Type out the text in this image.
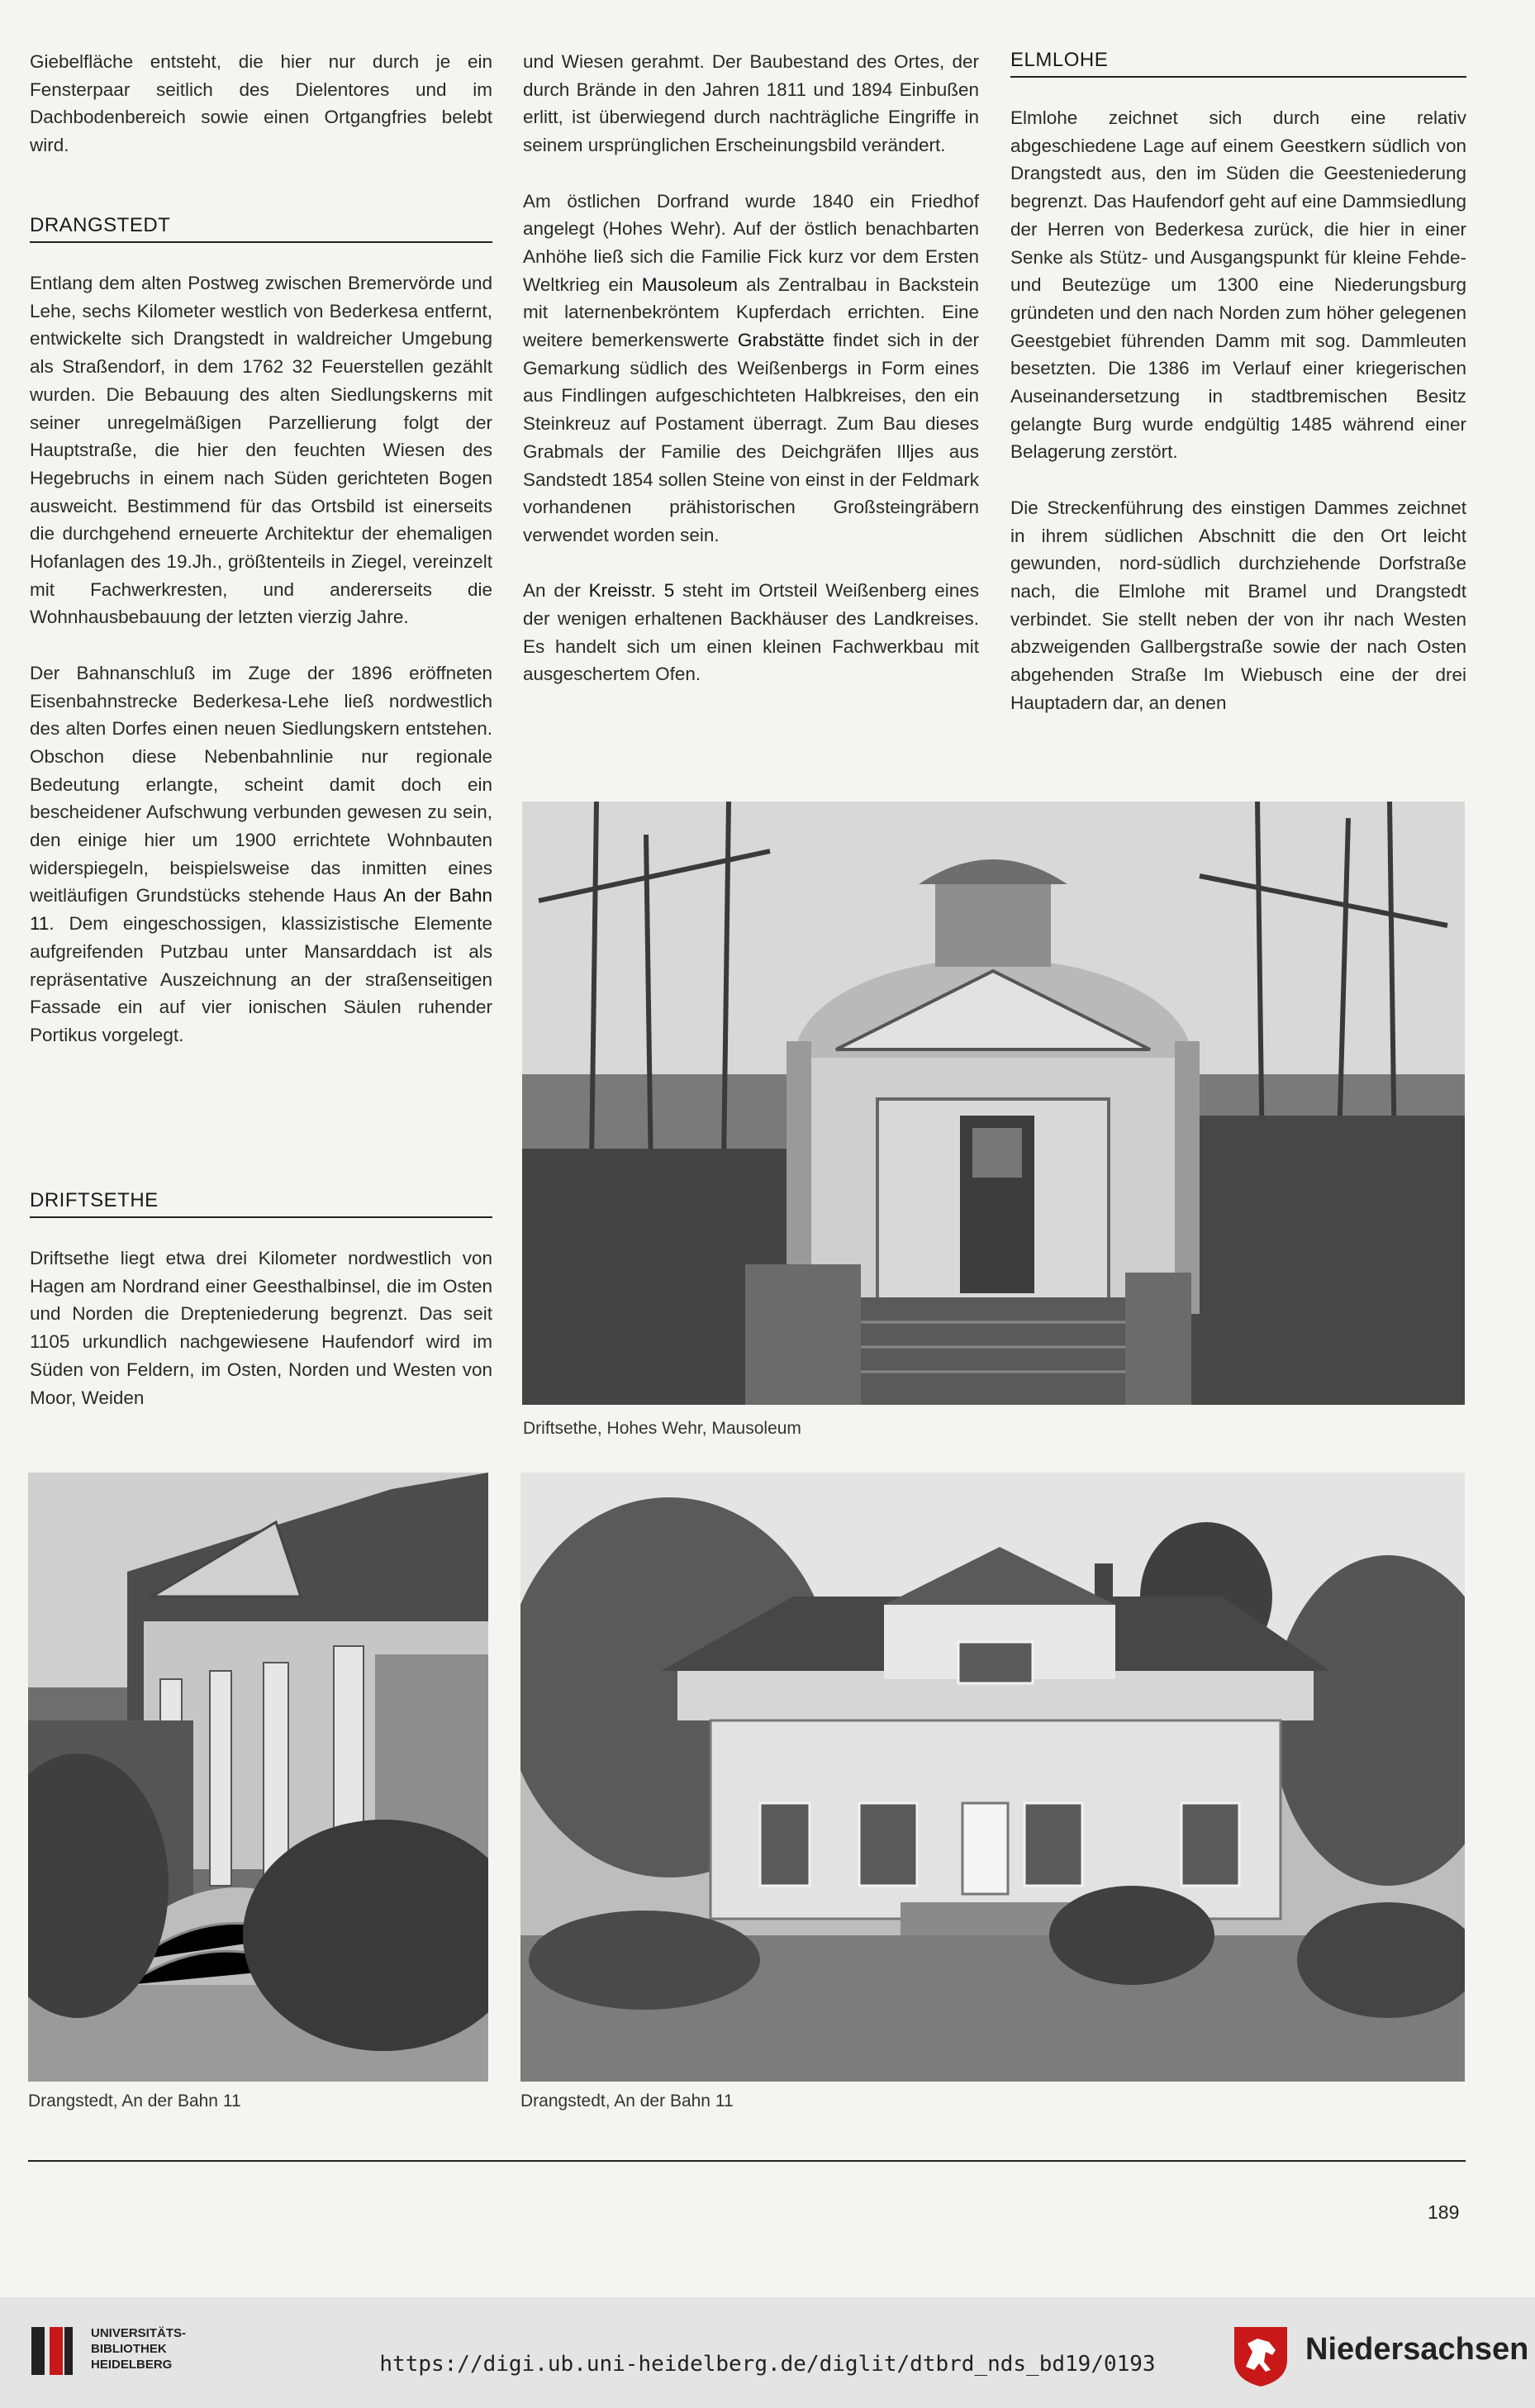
Giebelfläche entsteht, die hier nur durch je ein Fensterpaar seitlich des Dielentores und im Dachbodenbereich sowie einen Ortgangfries belebt wird.

DRANGSTEDT

Entlang dem alten Postweg zwischen Bremervörde und Lehe, sechs Kilometer westlich von Bederkesa entfernt, entwickelte sich Drangstedt in waldreicher Umgebung als Straßendorf, in dem 1762 32 Feuerstellen gezählt wurden. Die Bebauung des alten Siedlungskerns mit seiner unregelmäßigen Parzellierung folgt der Hauptstraße, die hier den feuchten Wiesen des Hegebruchs in einem nach Süden gerichteten Bogen ausweicht. Bestimmend für das Ortsbild ist einerseits die durchgehend erneuerte Architektur der ehemaligen Hofanlagen des 19.Jh., größtenteils in Ziegel, vereinzelt mit Fachwerkresten, und andererseits die Wohnhausbebauung der letzten vierzig Jahre.

Der Bahnanschluß im Zuge der 1896 eröffneten Eisenbahnstrecke Bederkesa-Lehe ließ nordwestlich des alten Dorfes einen neuen Siedlungskern entstehen. Obschon diese Nebenbahnlinie nur regionale Bedeutung erlangte, scheint damit doch ein bescheidener Aufschwung verbunden gewesen zu sein, den einige hier um 1900 errichtete Wohnbauten widerspiegeln, beispielsweise das inmitten eines weitläufigen Grundstücks stehende Haus An der Bahn 11. Dem eingeschossigen, klassizistische Elemente aufgreifenden Putzbau unter Mansarddach ist als repräsentative Auszeichnung an der straßenseitigen Fassade ein auf vier ionischen Säulen ruhender Portikus vorgelegt.

DRIFTSETHE

Driftsethe liegt etwa drei Kilometer nordwestlich von Hagen am Nordrand einer Geesthalbinsel, die im Osten und Norden die Drepteniederung begrenzt. Das seit 1105 urkundlich nachgewiesene Haufendorf wird im Süden von Feldern, im Osten, Norden und Westen von Moor, Weiden

und Wiesen gerahmt. Der Baubestand des Ortes, der durch Brände in den Jahren 1811 und 1894 Einbußen erlitt, ist überwiegend durch nachträgliche Eingriffe in seinem ursprünglichen Erscheinungsbild verändert.

Am östlichen Dorfrand wurde 1840 ein Friedhof angelegt (Hohes Wehr). Auf der östlich benachbarten Anhöhe ließ sich die Familie Fick kurz vor dem Ersten Weltkrieg ein Mausoleum als Zentralbau in Backstein mit laternenbekröntem Kupferdach errichten. Eine weitere bemerkenswerte Grabstätte findet sich in der Gemarkung südlich des Weißenbergs in Form eines aus Findlingen aufgeschichteten Halbkreises, den ein Steinkreuz auf Postament überragt. Zum Bau dieses Grabmals der Familie des Deichgräfen Illjes aus Sandstedt 1854 sollen Steine von einst in der Feldmark vorhandenen prähistorischen Großsteingräbern verwendet worden sein.

An der Kreisstr. 5 steht im Ortsteil Weißenberg eines der wenigen erhaltenen Backhäuser des Landkreises. Es handelt sich um einen kleinen Fachwerkbau mit ausgeschertem Ofen.

ELMLOHE

Elmlohe zeichnet sich durch eine relativ abgeschiedene Lage auf einem Geestkern südlich von Drangstedt aus, den im Süden die Geesteniederung begrenzt. Das Haufendorf geht auf eine Dammsiedlung der Herren von Bederkesa zurück, die hier in einer Senke als Stütz- und Ausgangspunkt für kleine Fehde- und Beutezüge um 1300 eine Niederungsburg gründeten und den nach Norden zum höher gelegenen Geestgebiet führenden Damm mit sog. Dammleuten besetzten. Die 1386 im Verlauf einer kriegerischen Auseinandersetzung in stadtbremischen Besitz gelangte Burg wurde endgültig 1485 während einer Belagerung zerstört.

Die Streckenführung des einstigen Dammes zeichnet in ihrem südlichen Abschnitt die den Ort leicht gewunden, nord-südlich durchziehende Dorfstraße nach, die Elmlohe mit Bramel und Drangstedt verbindet. Sie stellt neben der von ihr nach Westen abzweigenden Gallbergstraße sowie der nach Osten abgehenden Straße Im Wiebusch eine der drei Hauptadern dar, an denen

Driftsethe, Hohes Wehr, Mausoleum
Drangstedt, An der Bahn 11	Drangstedt, An der Bahn 11
189
UNIVERSITÄTS-
BIBLIOTHEK
HEIDELBERG	https://digi.ub.uni-heidelberg.de/diglit/dtbrd_nds_bd19/0193	Niedersachsen
